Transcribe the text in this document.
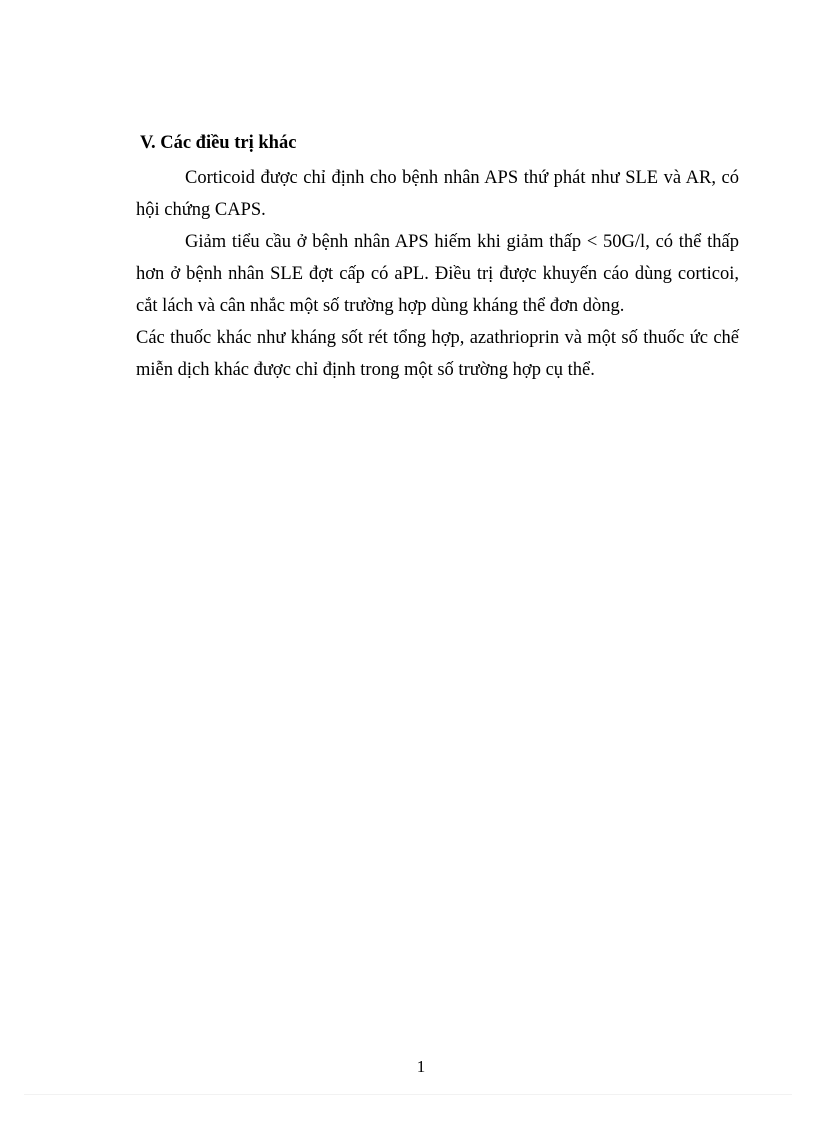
V. Các điều trị khác

Corticoid được chỉ định cho bệnh nhân APS thứ phát như SLE và AR, có hội chứng CAPS.

Giảm tiểu cầu ở bệnh nhân APS hiếm khi giảm thấp < 50G/l, có thể thấp hơn ở bệnh nhân SLE đợt cấp có aPL. Điều trị được khuyến cáo dùng corticoi, cắt lách và cân nhắc một số trường hợp dùng kháng thể đơn dòng.

Các thuốc khác như kháng sốt rét tổng hợp, azathrioprin và một số thuốc ức chế miễn dịch khác được chỉ định trong một số trường hợp cụ thể.

1
